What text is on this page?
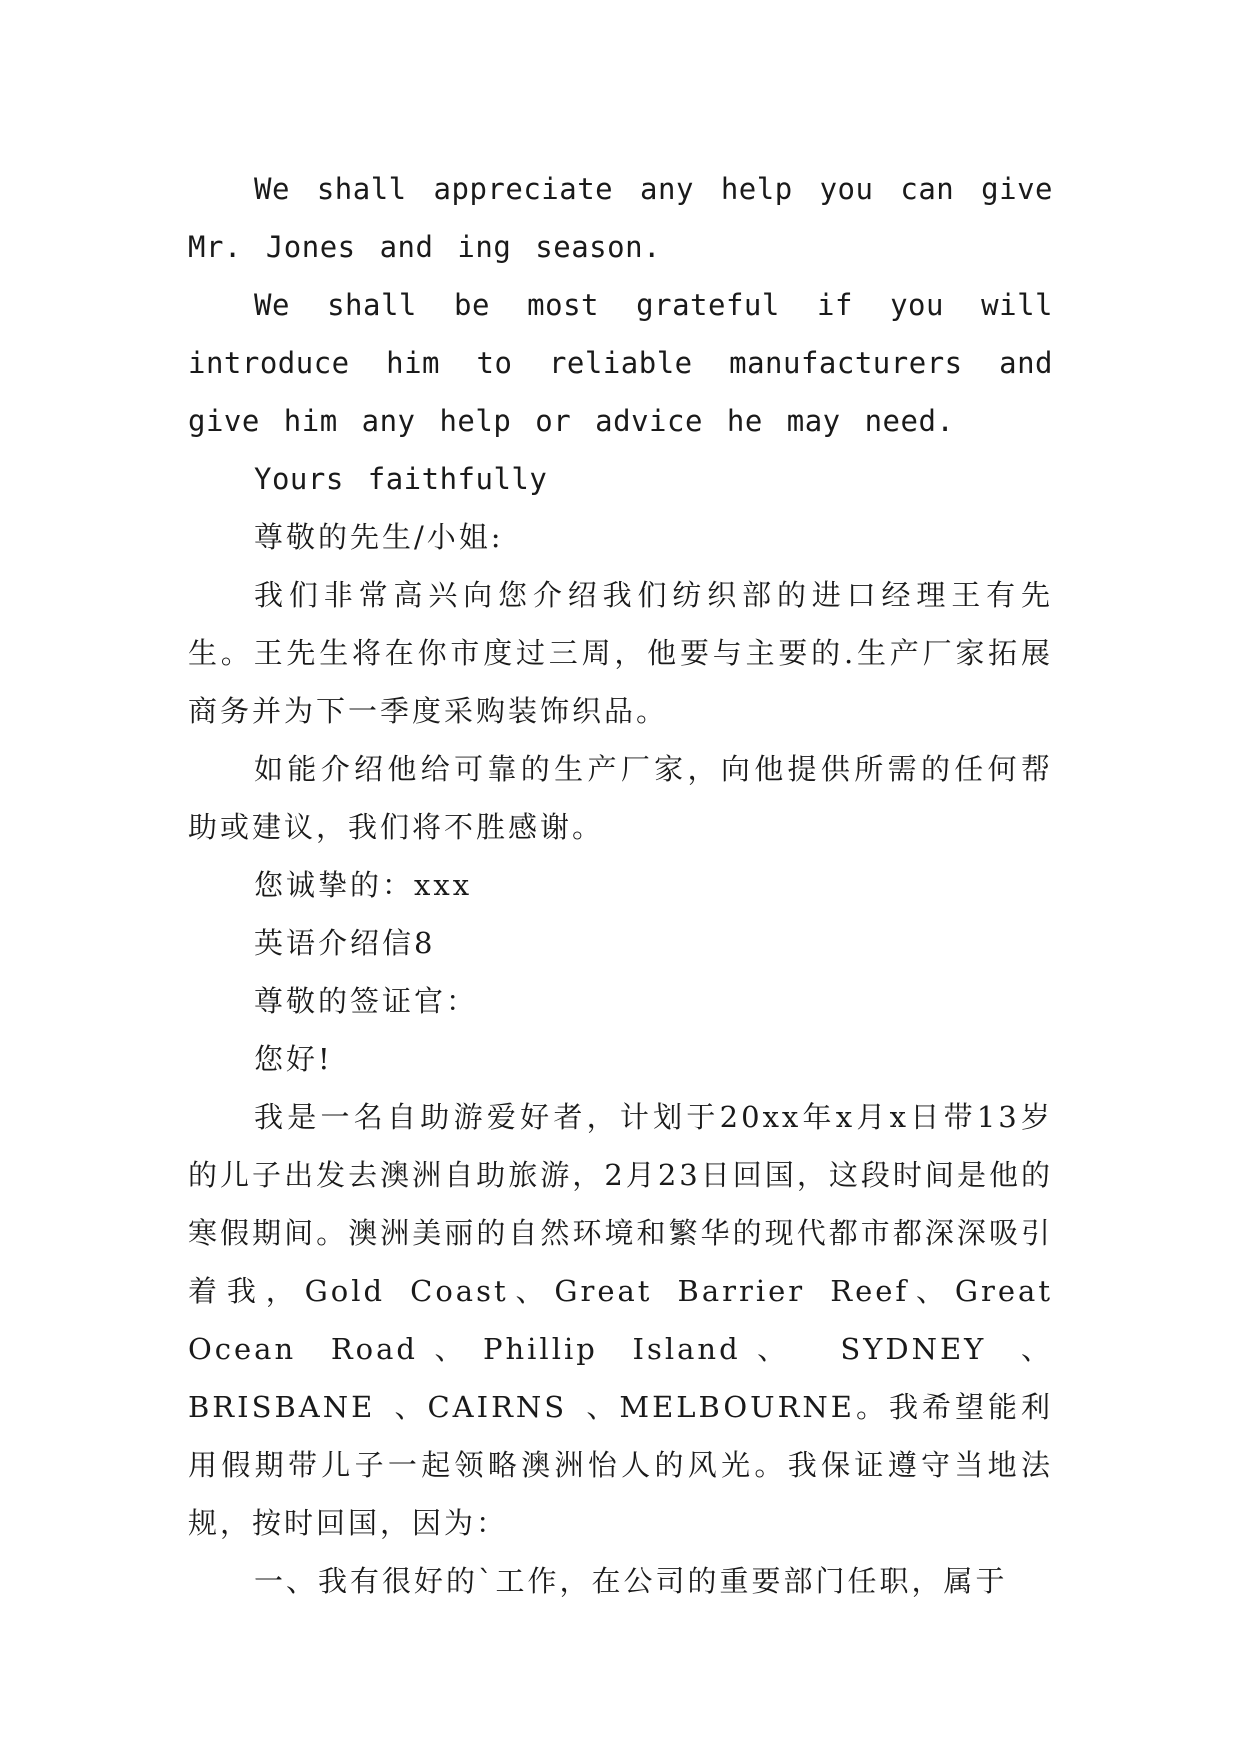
We shall appreciate any help you can give Mr. Jones and ing season.

We shall be most grateful if you will introduce him to reliable manufacturers and give him any help or advice he may need.

Yours faithfully

尊敬的先生/小姐:

我们非常高兴向您介绍我们纺织部的进口经理王有先生。王先生将在你市度过三周，他要与主要的.生产厂家拓展商务并为下一季度采购装饰织品。

如能介绍他给可靠的生产厂家，向他提供所需的任何帮助或建议，我们将不胜感谢。

您诚挚的：xxx

英语介绍信8

尊敬的签证官：

您好!

我是一名自助游爱好者，计划于20xx年x月x日带13岁的儿子出发去澳洲自助旅游，2月23日回国，这段时间是他的寒假期间。澳洲美丽的自然环境和繁华的现代都市都深深吸引着我，Gold Coast、Great Barrier Reef、Great Ocean Road、Phillip Island、 SYDNEY 、 BRISBANE 、CAIRNS 、MELBOURNE。我希望能利用假期带儿子一起领略澳洲怡人的风光。我保证遵守当地法规，按时回国，因为：

一、我有很好的`工作，在公司的重要部门任职，属于
